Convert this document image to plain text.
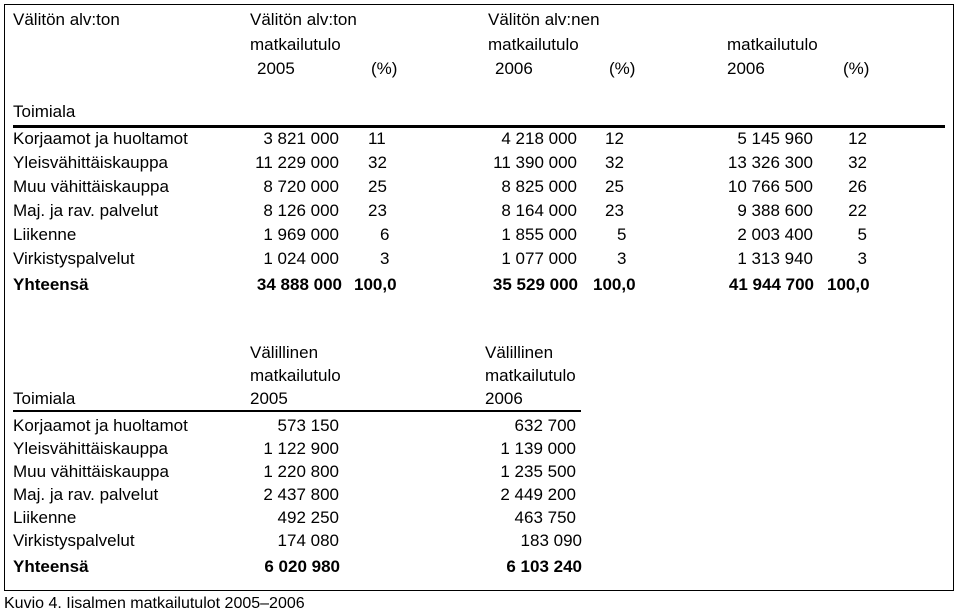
Välitön alv:ton	Välitön alv:ton
matkailutulo
2005	(%)
Välitön alv:nen
matkailutulo
2006	(%)
matkailutulo
2006	(%)
Toimiala
Korjaamot ja huoltamot	3 821 000 11	4 218 000 12	5 145 960	12
Yleisvähittäiskauppa	11 229 000 32	11 390 000 32	13 326 300	32
Muu vähittäiskauppa	8 720 000 25	8 825 000 25	10 766 500	26
Maj. ja rav. palvelut	8 126 000 23	8 164 000 23	9 388 600	22
Liikenne	1 969 000 6	1 855 000 5	2 003 400	5
Virkistyspalvelut	1 024 000 3	1 077 000 3	1 313 940	3
Yhteensä	34 888 000 100,0	35 529 000 100,0	41 944 700 100,0
Välillinen
matkailutulo
2005
Välillinen
matkailutulo
2006
Toimiala
Korjaamot ja huoltamot	573 150	632 700
Yleisvähittäiskauppa	1 122 900	1 139 000
Muu vähittäiskauppa	1 220 800	1 235 500
Maj. ja rav. palvelut	2 437 800	2 449 200
Liikenne	492 250	463 750
Virkistyspalvelut	174 080	183 090
Yhteensä	6 020 980	6 103 240
Kuvio 4. Iisalmen matkailutulot 2005–2006
